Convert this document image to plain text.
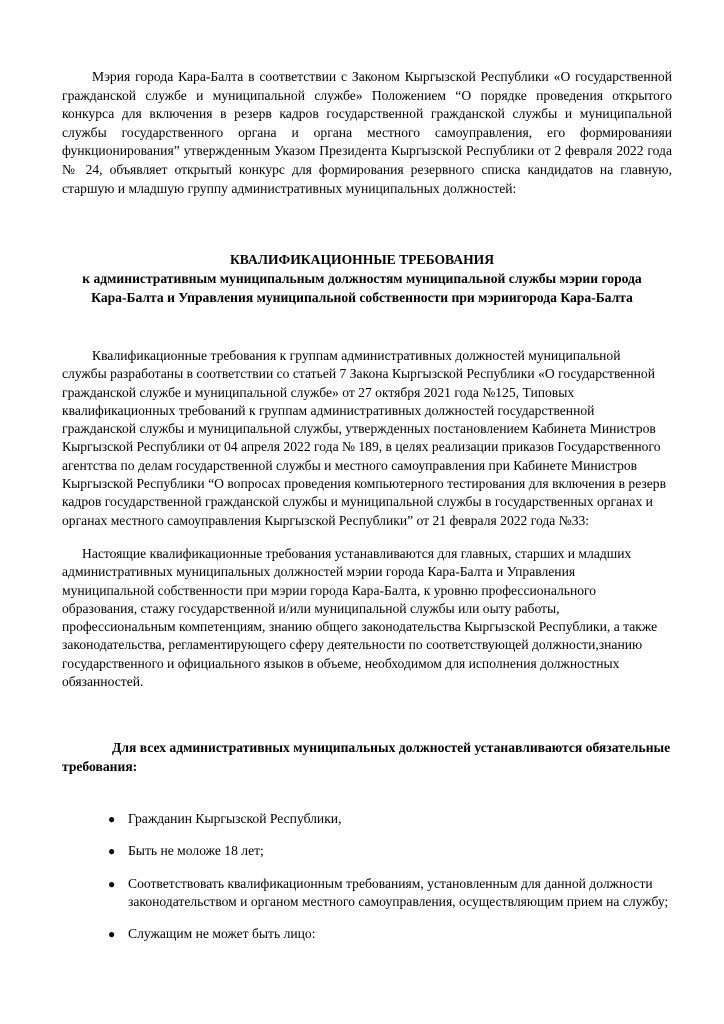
Мэрия города Кара-Балта в соответствии с Законом Кыргызской Республики «О государственной гражданской службе и муниципальной службе» Положением “О порядке проведения открытого конкурса для включения в резерв кадров государственной гражданской службы и муниципальной службы государственного органа и органа местного самоуправления, его формированияи функционирования” утвержденным Указом Президента Кыргызской Республики от 2 февраля 2022 года № 24, объявляет открытый конкурс для формирования резервного списка кандидатов на главную, старшую и младшую группу административных муниципальных должностей:

КВАЛИФИКАЦИОННЫЕ ТРЕБОВАНИЯ
к административным муниципальным должностям муниципальной службы мэрии города
Кара-Балта и Управления муниципальной собственности при мэриигорода Кара-Балта

Квалификационные требования к группам административных должностей муниципальной службы разработаны в соответствии со статьей 7 Закона Кыргызской Республики «О государственной гражданской службе и муниципальной службе» от 27 октября 2021 года №125, Типовых квалификационных требований к группам административных должностей государственной гражданской службы и муниципальной службы, утвержденных постановлением Кабинета Министров Кыргызской Республики от 04 апреля 2022 года № 189, в целях реализации приказов Государственного агентства по делам государственной службы и местного самоуправления при Кабинете Министров Кыргызской Республики “О вопросах проведения компьютерного тестирования для включения в резерв кадров государственной гражданской службы и муниципальной службы в государственных органах и органах местного самоуправления Кыргызской Республики” от 21 февраля 2022 года №33:

Настоящие квалификационные требования устанавливаются для главных, старших и младших административных муниципальных должностей мэрии города Кара-Балта и Управления муниципальной собственности при мэрии города Кара-Балта, к уровню профессионального образования, стажу государственной и/или муниципальной службы или оыту работы, профессиональным компетенциям, знанию общего законодательства Кыргызской Республики, а также законодательства, регламентирующего сферу деятельности по соответствующей должности,знанию государственного и официального языков в объеме, необходимом для исполнения должностных обязанностей.

Для всех административных муниципальных должностей устанавливаются обязательные требования:

● Гражданин Кыргызской Республики,
● Быть не моложе 18 лет;
● Соответствовать квалификационным требованиям, установленным для данной должности законодательством и органом местного самоуправления, осуществляющим прием на службу;
● Служащим не может быть лицо:
